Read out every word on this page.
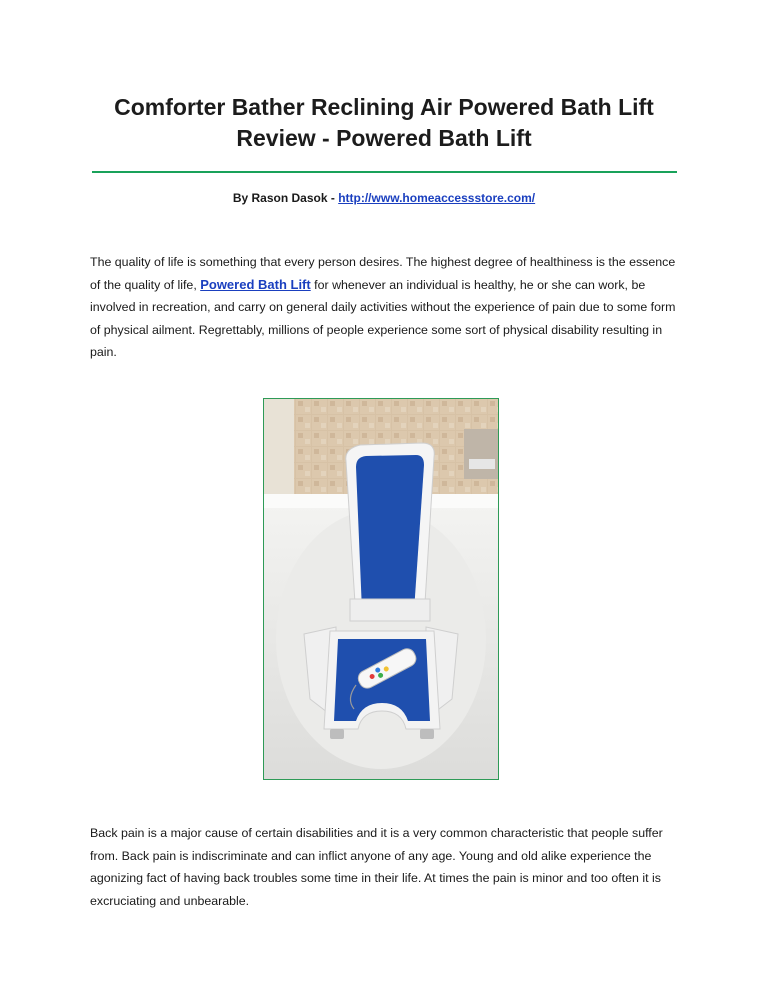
Comforter Bather Reclining Air Powered Bath Lift
Review - Powered Bath Lift
By Rason Dasok - http://www.homeaccessstore.com/

The quality of life is something that every person desires. The highest degree of healthiness is the essence of the quality of life, Powered Bath Lift for whenever an individual is healthy, he or she can work, be involved in recreation, and carry on general daily activities without the experience of pain due to some form of physical ailment. Regrettably, millions of people experience some sort of physical disability resulting in pain.

Back pain is a major cause of certain disabilities and it is a very common characteristic that people suffer from. Back pain is indiscriminate and can inflict anyone of any age. Young and old alike experience the agonizing fact of having back troubles some time in their life. At times the pain is minor and too often it is excruciating and unbearable.
